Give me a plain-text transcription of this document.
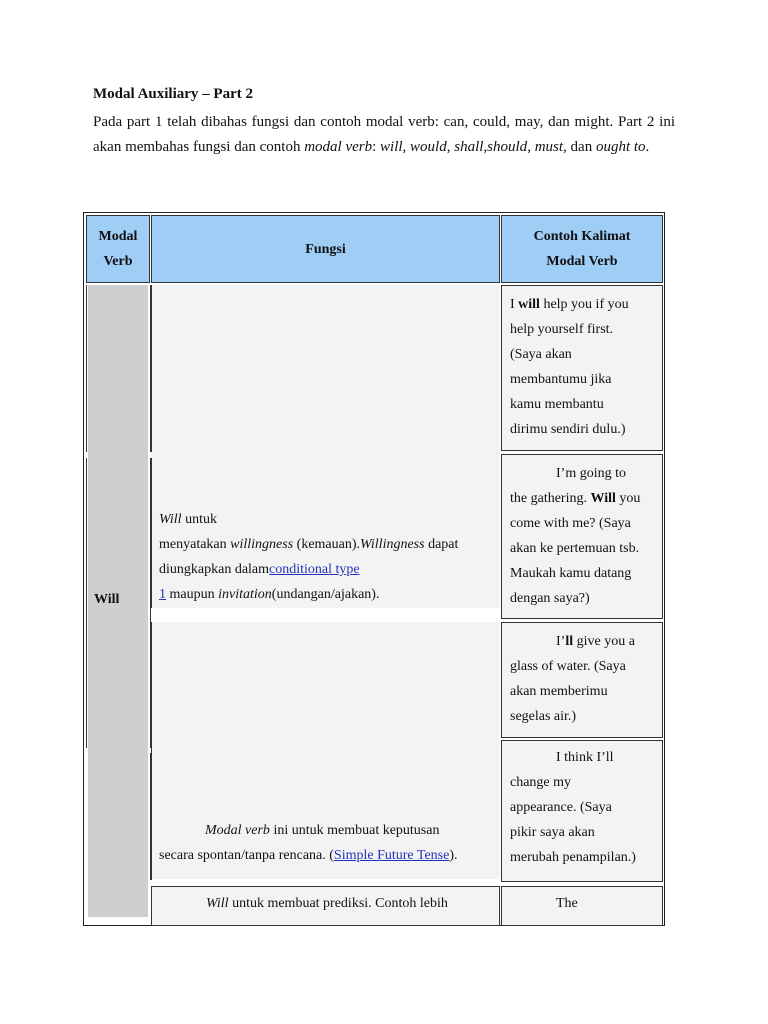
Modal Auxiliary – Part 2
Pada part 1 telah dibahas fungsi dan contoh modal verb: can, could, may, dan might. Part 2 ini akan membahas fungsi dan contoh modal verb: will, would, shall,should, must, dan ought to.
Modal
Verb
Fungsi
Contoh Kalimat
Modal Verb
Will
Will untuk
menyatakan willingness (kemauan).Willingness dapat
diungkapkan dalamconditional type
1 maupun invitation(undangan/ajakan).
Modal verb ini untuk membuat keputusan
secara spontan/tanpa rencana. (Simple Future Tense).
Will untuk membuat prediksi. Contoh lebih
I will help you if you
help yourself first.
(Saya akan
membantumu jika
kamu membantu
dirimu sendiri dulu.)
I’m going to
the gathering. Will you
come with me? (Saya
akan ke pertemuan tsb.
Maukah kamu datang
dengan saya?)
I’ll give you a
glass of water. (Saya
akan memberimu
segelas air.)
I think I’ll
change my
appearance. (Saya
pikir saya akan
merubah penampilan.)
The
